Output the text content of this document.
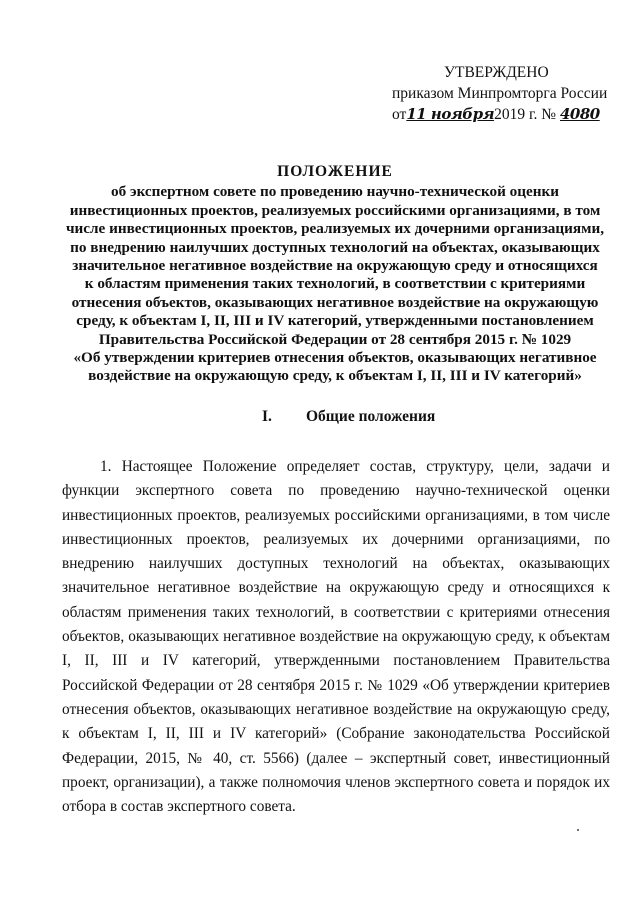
УТВЕРЖДЕНО
приказом Минпромторга России
от11 ноября2019 г. № 4080
ПОЛОЖЕНИЕ
об экспертном совете по проведению научно-технической оценки
инвестиционных проектов, реализуемых российскими организациями, в том
числе инвестиционных проектов, реализуемых их дочерними организациями,
по внедрению наилучших доступных технологий на объектах, оказывающих
значительное негативное воздействие на окружающую среду и относящихся
к областям применения таких технологий, в соответствии с критериями
отнесения объектов, оказывающих негативное воздействие на окружающую
среду, к объектам I, II, III и IV категорий, утвержденными постановлением
Правительства Российской Федерации от 28 сентября 2015 г. № 1029
«Об утверждении критериев отнесения объектов, оказывающих негативное
воздействие на окружающую среду, к объектам I, II, III и IV категорий»
I. Общие положения

1. Настоящее Положение определяет состав, структуру, цели, задачи и функции экспертного совета по проведению научно-технической оценки инвестиционных проектов, реализуемых российскими организациями, в том числе инвестиционных проектов, реализуемых их дочерними организациями, по внедрению наилучших доступных технологий на объектах, оказывающих значительное негативное воздействие на окружающую среду и относящихся к областям применения таких технологий, в соответствии с критериями отнесения объектов, оказывающих негативное воздействие на окружающую среду, к объектам I, II, III и IV категорий, утвержденными постановлением Правительства Российской Федерации от 28 сентября 2015 г. № 1029 «Об утверждении критериев отнесения объектов, оказывающих негативное воздействие на окружающую среду, к объектам I, II, III и IV категорий» (Собрание законодательства Российской Федерации, 2015, № 40, ст. 5566) (далее – экспертный совет, инвестиционный проект, организации), а также полномочия членов экспертного совета и порядок их отбора в состав экспертного совета.
